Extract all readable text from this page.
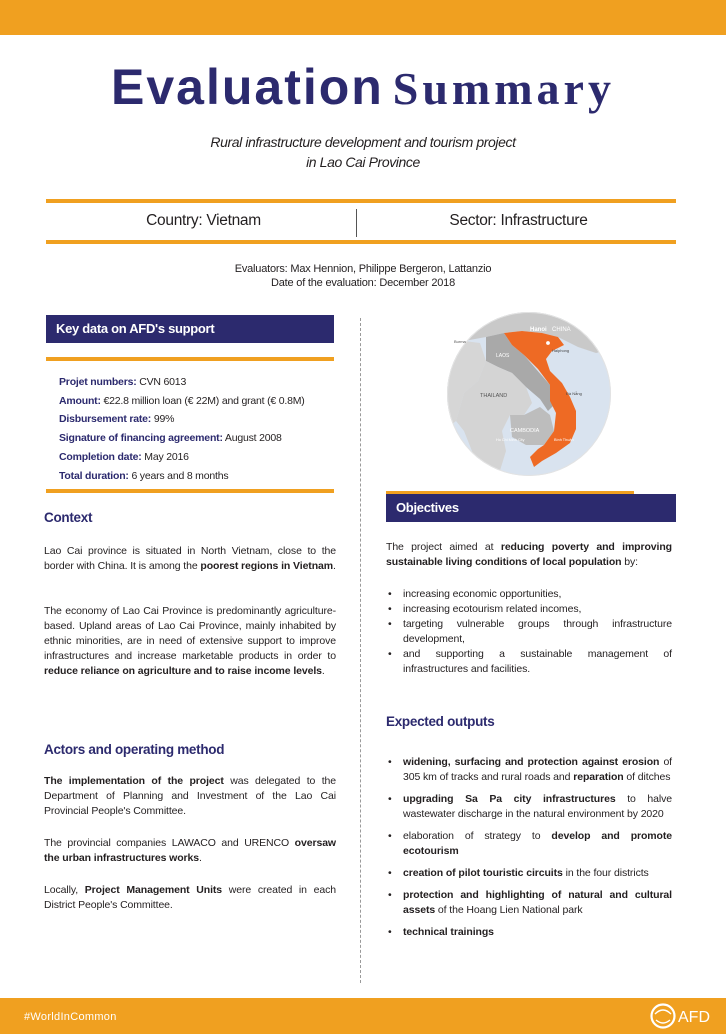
Evaluation Summary
Rural infrastructure development and tourism project
in Lao Cai Province
Country: Vietnam	Sector: Infrastructure
Evaluators: Max Hennion, Philippe Bergeron, Lattanzio
Date of the evaluation: December 2018
Key data on AFD's support
Projet numbers: CVN 6013
Amount: €22.8 million loan (€ 22M) and grant (€ 0.8M)
Disbursement rate: 99%
Signature of financing agreement: August 2008
Completion date: May 2016
Total duration: 6 years and 8 months
Context

Lao Cai province is situated in North Vietnam, close to the border with China. It is among the poorest regions in Vietnam.

The economy of Lao Cai Province is predominantly agriculture-based. Upland areas of Lao Cai Province, mainly inhabited by ethnic minorities, are in need of extensive support to improve infrastructures and increase marketable products in order to reduce reliance on agriculture and to raise income levels.

Actors and operating method

The implementation of the project was delegated to the Department of Planning and Investment of the Lao Cai Provincial People's Committee.

The provincial companies LAWACO and URENCO oversaw the urban infrastructures works.

Locally, Project Management Units were created in each District People's Committee.

Hanoi CHINA
Burma
LAOS
Haiphong
THAILAND	Đà Nẵng
CAMBODIA
Ho Chi Minh City	Bình Thuận
Objectives

The project aimed at reducing poverty and improving sustainable living conditions of local population by:

• increasing economic opportunities,
• increasing ecotourism related incomes,
• targeting vulnerable groups through infrastructure development,
• and supporting a sustainable management of infrastructures and facilities.
Expected outputs
• widening, surfacing and protection against erosion of 305 km of tracks and rural roads and reparation of ditches
• upgrading Sa Pa city infrastructures to halve wastewater discharge in the natural environment by 2020
• elaboration of strategy to develop and promote ecotourism
• creation of pilot touristic circuits in the four districts
• protection and highlighting of natural and cultural assets of the Hoang Lien National park
• technical trainings
#WorldInCommon	AFD
